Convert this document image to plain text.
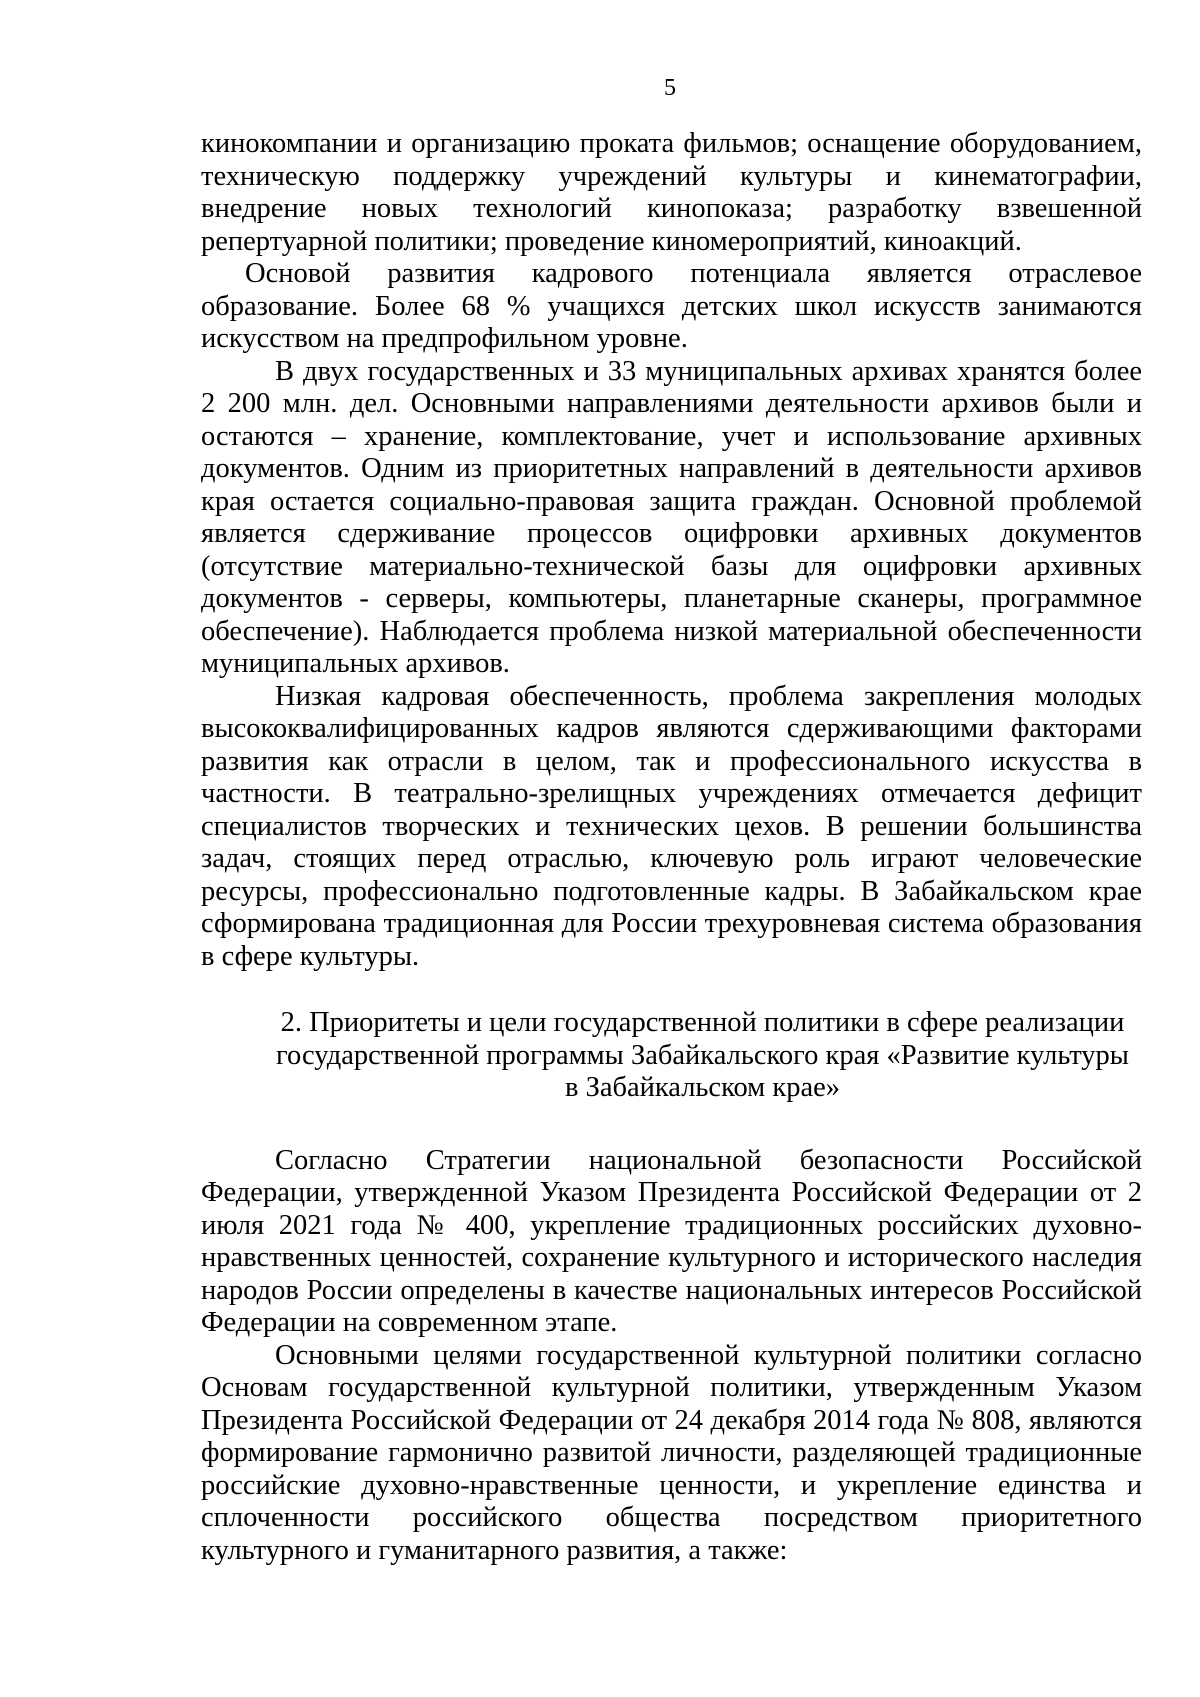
5

кинокомпании и организацию проката фильмов; оснащение оборудованием, техническую поддержку учреждений культуры и кинематографии, внедрение новых технологий кинопоказа; разработку взвешенной репертуарной политики; проведение киномероприятий, киноакций.

Основой развития кадрового потенциала является отраслевое образование. Более 68 % учащихся детских школ искусств занимаются искусством на предпрофильном уровне.

В двух государственных и 33 муниципальных архивах хранятся более 2 200 млн. дел. Основными направлениями деятельности архивов были и остаются – хранение, комплектование, учет и использование архивных документов. Одним из приоритетных направлений в деятельности архивов края остается социально-правовая защита граждан. Основной проблемой является сдерживание процессов оцифровки архивных документов (отсутствие материально-технической базы для оцифровки архивных документов - серверы, компьютеры, планетарные сканеры, программное обеспечение). Наблюдается проблема низкой материальной обеспеченности муниципальных архивов.

Низкая кадровая обеспеченность, проблема закрепления молодых высококвалифицированных кадров являются сдерживающими факторами развития как отрасли в целом, так и профессионального искусства в частности. В театрально-зрелищных учреждениях отмечается дефицит специалистов творческих и технических цехов. В решении большинства задач, стоящих перед отраслью, ключевую роль играют человеческие ресурсы, профессионально подготовленные кадры. В Забайкальском крае сформирована традиционная для России трехуровневая система образования в сфере культуры.

2. Приоритеты и цели государственной политики в сфере реализации государственной программы Забайкальского края «Развитие культуры в Забайкальском крае»

Согласно Стратегии национальной безопасности Российской Федерации, утвержденной Указом Президента Российской Федерации от 2 июля 2021 года № 400, укрепление традиционных российских духовно-нравственных ценностей, сохранение культурного и исторического наследия народов России определены в качестве национальных интересов Российской Федерации на современном этапе.

Основными целями государственной культурной политики согласно Основам государственной культурной политики, утвержденным Указом Президента Российской Федерации от 24 декабря 2014 года № 808, являются формирование гармонично развитой личности, разделяющей традиционные российские духовно-нравственные ценности, и укрепление единства и сплоченности российского общества посредством приоритетного культурного и гуманитарного развития, а также:
